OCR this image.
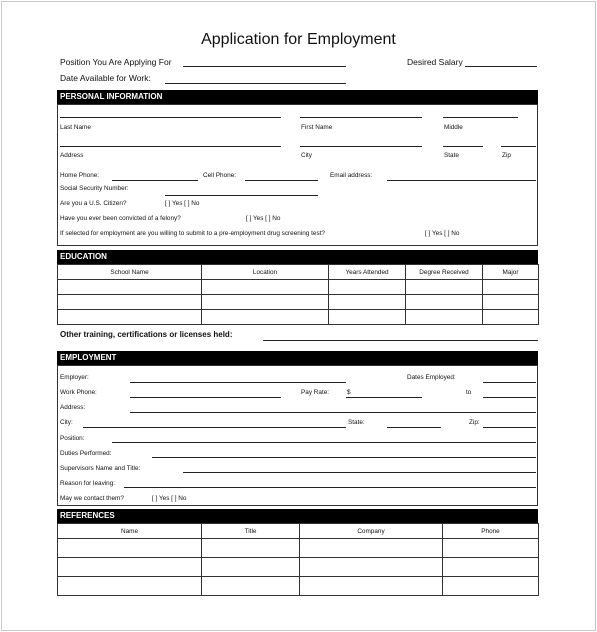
Application for Employment
Position You Are Applying For	Desired Salary
Date Available for Work:
PERSONAL INFORMATION
Last Name	First Name	Middle
Address	City	State	Zip
Home Phone:	Cell Phone:	Email address:
Social Security Number:
Are you a U.S. Citizen?	[ ] Yes [ ] No
Have you ever been convicted of a felony?	[ ] Yes [ ] No
If selected for employment are you willing to submit to a pre-employment drug screening test?	[ ] Yes [ ] No
EDUCATION
School Name	Location	Years Attended	Degree Received	Major

Other training, certifications or licenses held:
EMPLOYMENT
Employer:	Dates Employed:
Work Phone:	Pay Rate:	$	to
Address:
City:	State:	Zip:
Position:
Duties Performed:
Supervisors Name and Title:
Reason for leaving:
May we contact them?	[ ] Yes [ ] No
REFERENCES
Name	Title	Company	Phone
